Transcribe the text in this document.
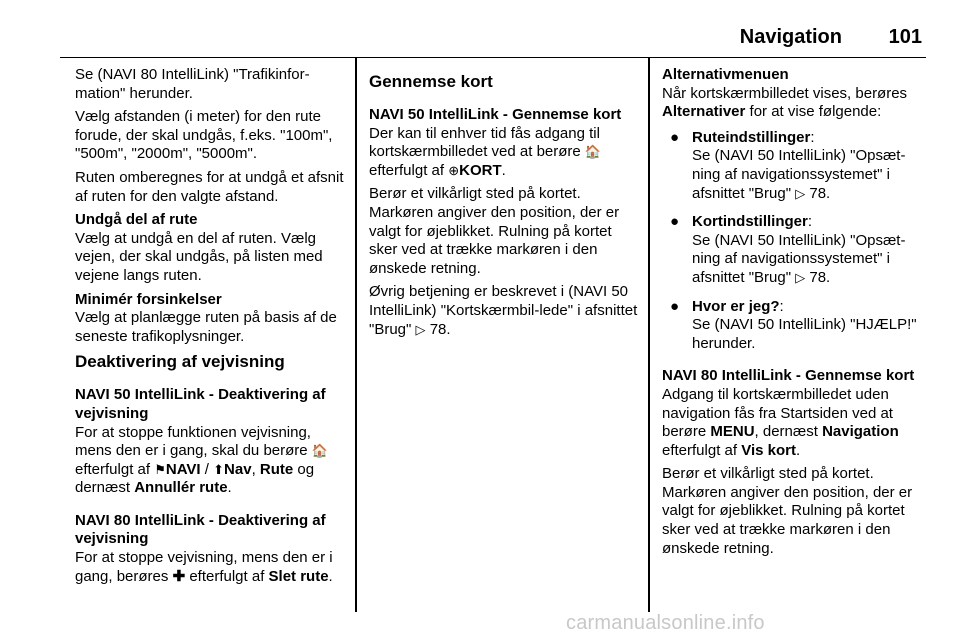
Navigation 101

Se (NAVI 80 IntelliLink) "Trafikinfor-mation" herunder.

Vælg afstanden (i meter) for den rute forude, der skal undgås, f.eks. "100m", "500m", "2000m", "5000m".

Ruten omberegnes for at undgå et afsnit af ruten for den valgte afstand.

Undgå del af rute

Vælg at undgå en del af ruten. Vælg vejen, der skal undgås, på listen med vejene langs ruten.

Minimér forsinkelser

Vælg at planlægge ruten på basis af de seneste trafikoplysninger.

Deaktivering af vejvisning
NAVI 50 IntelliLink - Deaktivering af vejvisning

For at stoppe funktionen vejvisning, mens den er i gang, skal du berøre 🏠 efterfulgt af ⚑NAVI / ⬆Nav, Rute og dernæst Annullér rute.

NAVI 80 IntelliLink - Deaktivering af vejvisning

For at stoppe vejvisning, mens den er i gang, berøres ✚ efterfulgt af Slet rute.

Gennemse kort
NAVI 50 IntelliLink - Gennemse kort

Der kan til enhver tid fås adgang til kortskærmbilledet ved at berøre 🏠 efterfulgt af ⊕KORT.

Berør et vilkårligt sted på kortet. Markøren angiver den position, der er valgt for øjeblikket. Rulning på kortet sker ved at trække markøren i den ønskede retning.

Øvrig betjening er beskrevet i (NAVI 50 IntelliLink) "Kortskærmbil-lede" i afsnittet "Brug" ▷ 78.

Alternativmenuen

Når kortskærmbilledet vises, berøres Alternativer for at vise følgende:

● Ruteindstillinger:
Se (NAVI 50 IntelliLink) "Opsæt-ning af navigationssystemet" i afsnittet "Brug" ▷ 78.
● Kortindstillinger:
Se (NAVI 50 IntelliLink) "Opsæt-ning af navigationssystemet" i afsnittet "Brug" ▷ 78.
● Hvor er jeg?:
Se (NAVI 50 IntelliLink) "HJÆLP!" herunder.
NAVI 80 IntelliLink - Gennemse kort

Adgang til kortskærmbilledet uden navigation fås fra Startsiden ved at berøre MENU, dernæst Navigation efterfulgt af Vis kort.

Berør et vilkårligt sted på kortet. Markøren angiver den position, der er valgt for øjeblikket. Rulning på kortet sker ved at trække markøren i den ønskede retning.

carmanualsonline.info
